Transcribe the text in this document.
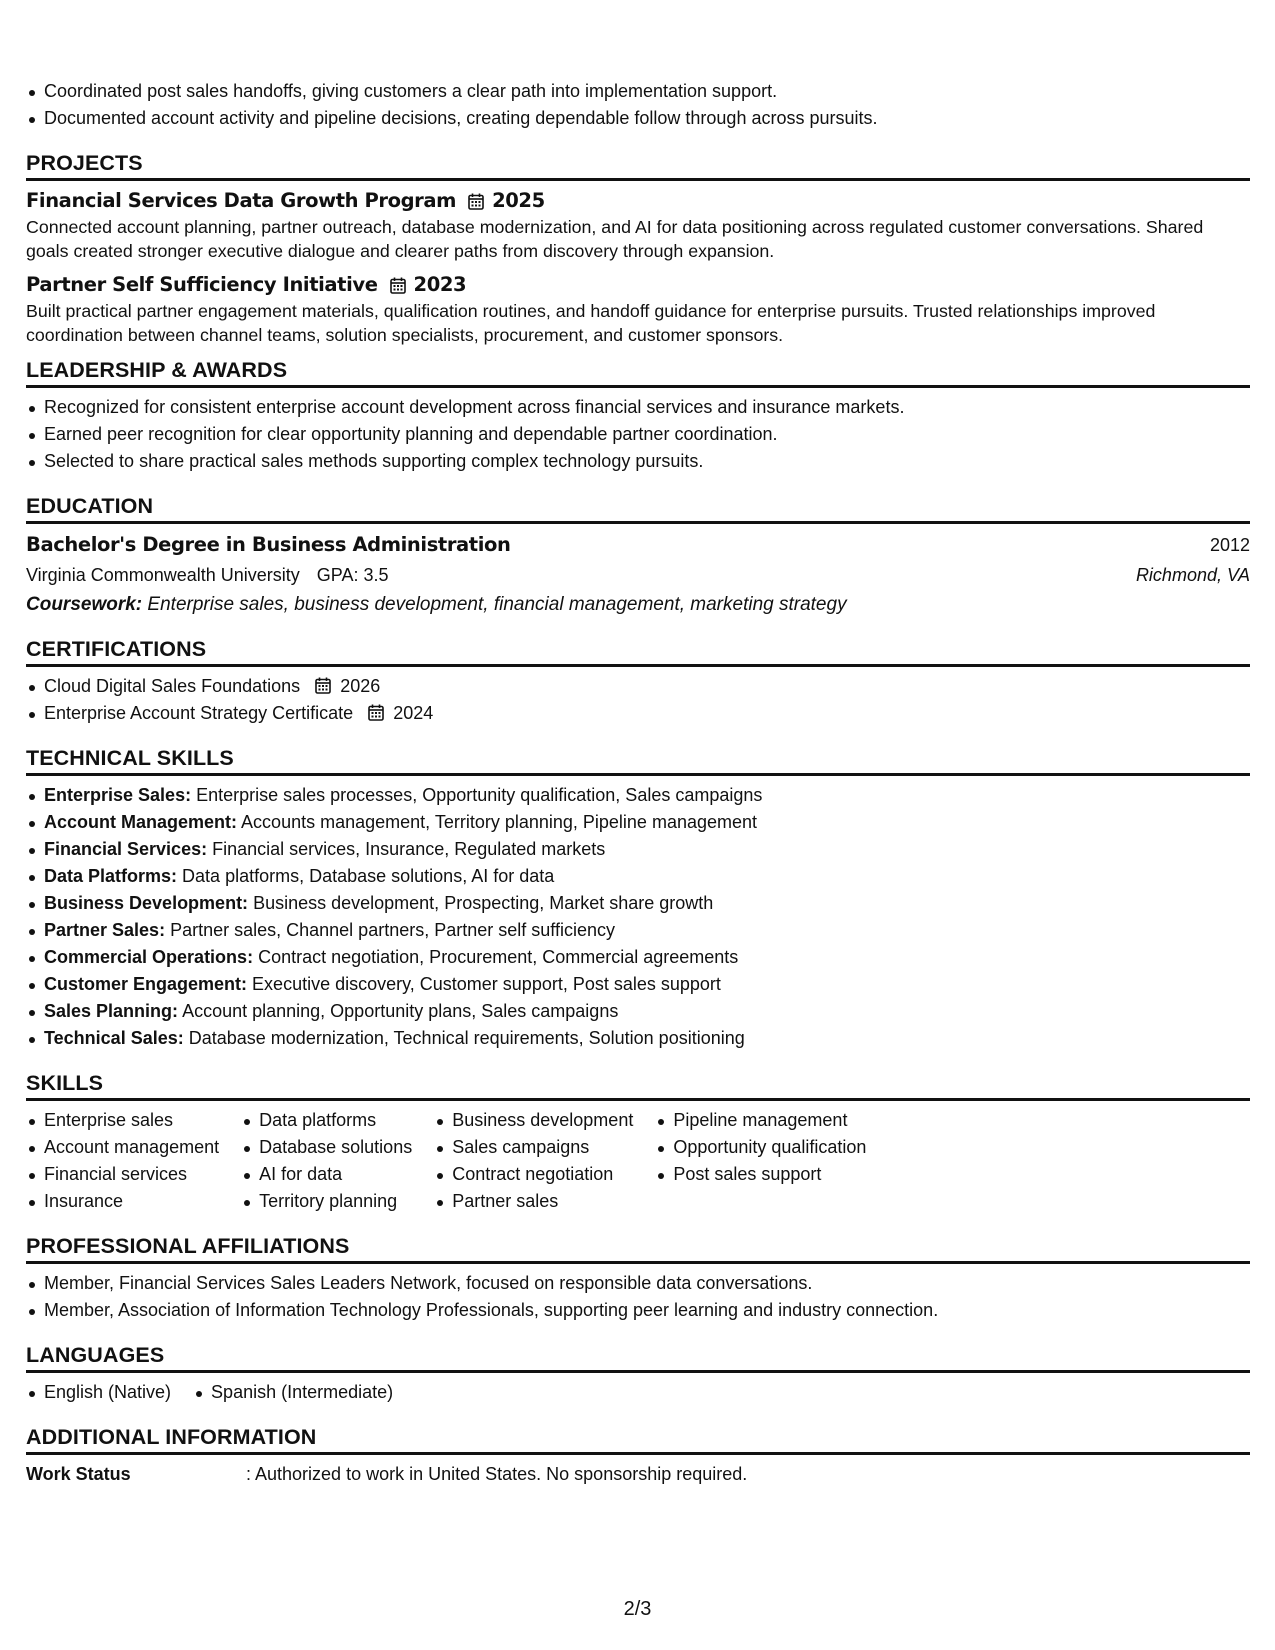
Coordinated post sales handoffs, giving customers a clear path into implementation support.
Documented account activity and pipeline decisions, creating dependable follow through across pursuits.
PROJECTS
Financial Services Data Growth Program 2025
Connected account planning, partner outreach, database modernization, and AI for data positioning across regulated customer conversations. Shared goals created stronger executive dialogue and clearer paths from discovery through expansion.
Partner Self Sufficiency Initiative 2023
Built practical partner engagement materials, qualification routines, and handoff guidance for enterprise pursuits. Trusted relationships improved coordination between channel teams, solution specialists, procurement, and customer sponsors.
LEADERSHIP & AWARDS
Recognized for consistent enterprise account development across financial services and insurance markets.
Earned peer recognition for clear opportunity planning and dependable partner coordination.
Selected to share practical sales methods supporting complex technology pursuits.
EDUCATION
Bachelor's Degree in Business Administration	2012
Virginia Commonwealth University GPA: 3.5	Richmond, VA
Coursework: Enterprise sales, business development, financial management, marketing strategy
CERTIFICATIONS
Cloud Digital Sales Foundations 2026
Enterprise Account Strategy Certificate 2024
TECHNICAL SKILLS
Enterprise Sales: Enterprise sales processes, Opportunity qualification, Sales campaigns
Account Management: Accounts management, Territory planning, Pipeline management
Financial Services: Financial services, Insurance, Regulated markets
Data Platforms: Data platforms, Database solutions, AI for data
Business Development: Business development, Prospecting, Market share growth
Partner Sales: Partner sales, Channel partners, Partner self sufficiency
Commercial Operations: Contract negotiation, Procurement, Commercial agreements
Customer Engagement: Executive discovery, Customer support, Post sales support
Sales Planning: Account planning, Opportunity plans, Sales campaigns
Technical Sales: Database modernization, Technical requirements, Solution positioning
SKILLS
Enterprise sales
Account management
Financial services
Insurance
Data platforms
Database solutions
AI for data
Territory planning
Business development
Sales campaigns
Contract negotiation
Partner sales
Pipeline management
Opportunity qualification
Post sales support
PROFESSIONAL AFFILIATIONS
Member, Financial Services Sales Leaders Network, focused on responsible data conversations.
Member, Association of Information Technology Professionals, supporting peer learning and industry connection.
LANGUAGES
English (Native)	Spanish (Intermediate)
ADDITIONAL INFORMATION
Work Status	: Authorized to work in United States. No sponsorship required.
2/3
